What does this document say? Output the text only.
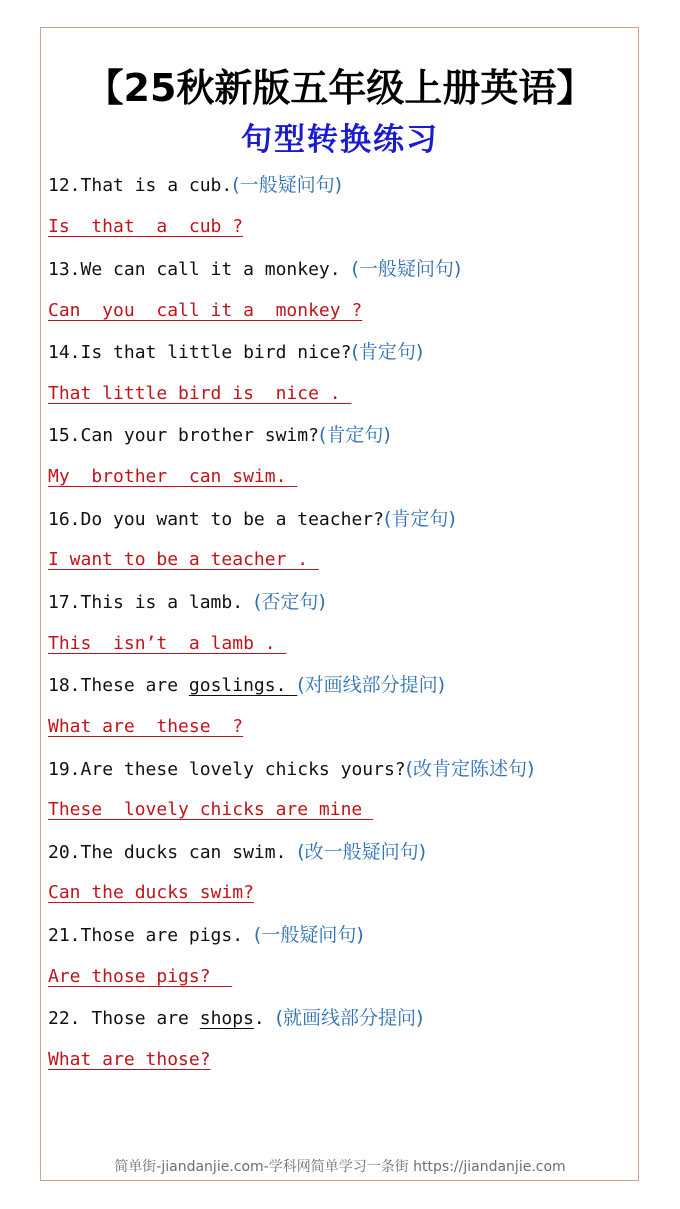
【25秋新版五年级上册英语】
句型转换练习
12.That is a cub.(一般疑问句)
Is  that  a  cub ?
13.We can call it a monkey. (一般疑问句)
Can  you  call it a  monkey ?
14.Is that little bird nice?(肯定句)
That little bird is  nice .
15.Can your brother swim?(肯定句)
My  brother  can swim.
16.Do you want to be a teacher?(肯定句)
I want to be a teacher .
17.This is a lamb. (否定句)
This  isn’t  a lamb .
18.These are goslings. (对画线部分提问)
What are  these  ?
19.Are these lovely chicks yours?(改肯定陈述句)
These  lovely chicks are mine
20.The ducks can swim. (改一般疑问句)
Can the ducks swim?
21.Those are pigs. (一般疑问句)
Are those pigs?
22. Those are shops. (就画线部分提问)
What are those?
简单街-jiandanjie.com-学科网简单学习一条街 https://jiandanjie.com
